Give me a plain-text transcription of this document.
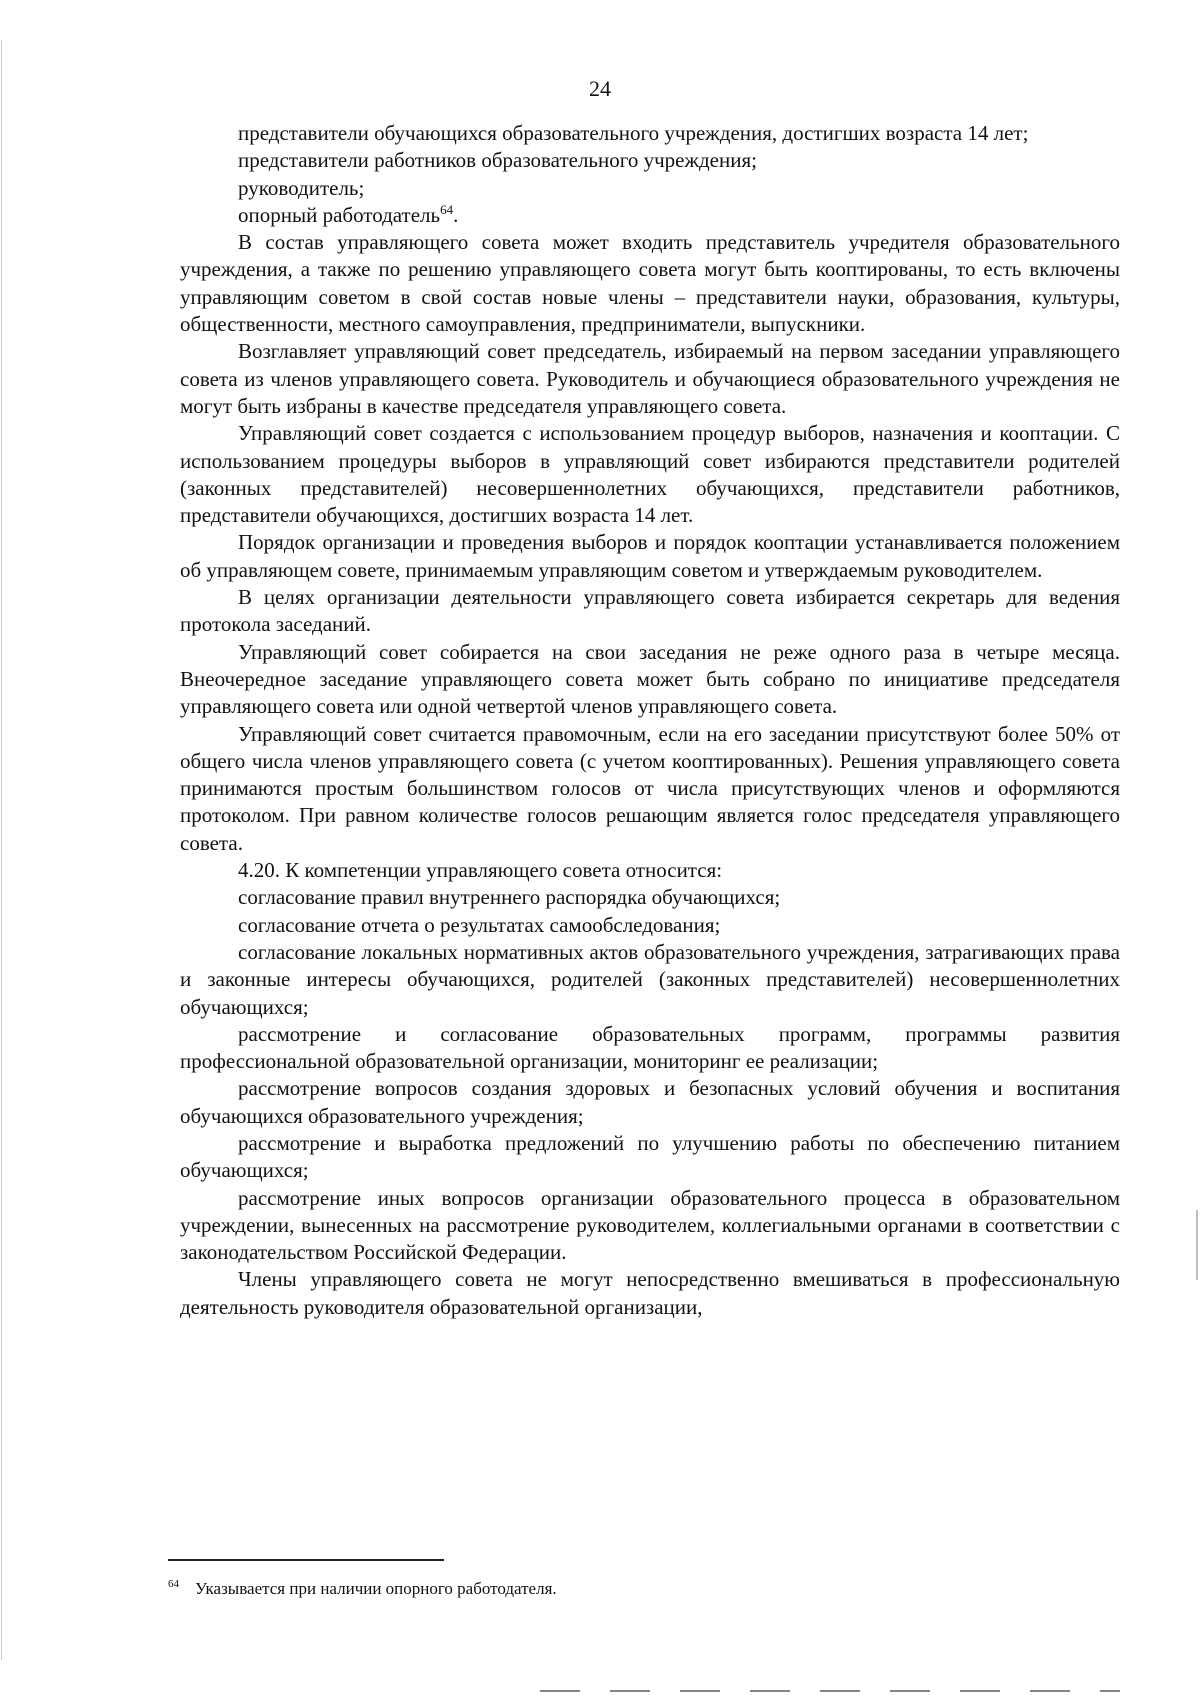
24

представители обучающихся образовательного учреждения, достигших возраста 14 лет;

представители работников образовательного учреждения;

руководитель;

опорный работодатель$^{64}$.

В состав управляющего совета может входить представитель учредителя образовательного учреждения, а также по решению управляющего совета могут быть кооптированы, то есть включены управляющим советом в свой состав новые члены – представители науки, образования, культуры, общественности, местного самоуправления, предприниматели, выпускники.

Возглавляет управляющий совет председатель, избираемый на первом заседании управляющего совета из членов управляющего совета. Руководитель и обучающиеся образовательного учреждения не могут быть избраны в качестве председателя управляющего совета.

Управляющий совет создается с использованием процедур выборов, назначения и кооптации. С использованием процедуры выборов в управляющий совет избираются представители родителей (законных представителей) несовершеннолетних обучающихся, представители работников, представители обучающихся, достигших возраста 14 лет.

Порядок организации и проведения выборов и порядок кооптации устанавливается положением об управляющем совете, принимаемым управляющим советом и утверждаемым руководителем.

В целях организации деятельности управляющего совета избирается секретарь для ведения протокола заседаний.

Управляющий совет собирается на свои заседания не реже одного раза в четыре месяца. Внеочередное заседание управляющего совета может быть собрано по инициативе председателя управляющего совета или одной четвертой членов управляющего совета.

Управляющий совет считается правомочным, если на его заседании присутствуют более 50% от общего числа членов управляющего совета (с учетом кооптированных). Решения управляющего совета принимаются простым большинством голосов от числа присутствующих членов и оформляются протоколом. При равном количестве голосов решающим является голос председателя управляющего совета.

4.20. К компетенции управляющего совета относится:

согласование правил внутреннего распорядка обучающихся;

согласование отчета о результатах самообследования;

согласование локальных нормативных актов образовательного учреждения, затрагивающих права и законные интересы обучающихся, родителей (законных представителей) несовершеннолетних обучающихся;

рассмотрение и согласование образовательных программ, программы развития профессиональной образовательной организации, мониторинг ее реализации;

рассмотрение вопросов создания здоровых и безопасных условий обучения и воспитания обучающихся образовательного учреждения;

рассмотрение и выработка предложений по улучшению работы по обеспечению питанием обучающихся;

рассмотрение иных вопросов организации образовательного процесса в образовательном учреждении, вынесенных на рассмотрение руководителем, коллегиальными органами в соответствии с законодательством Российской Федерации.

Члены управляющего совета не могут непосредственно вмешиваться в профессиональную деятельность руководителя образовательной организации,

$^{64}$ Указывается при наличии опорного работодателя.
